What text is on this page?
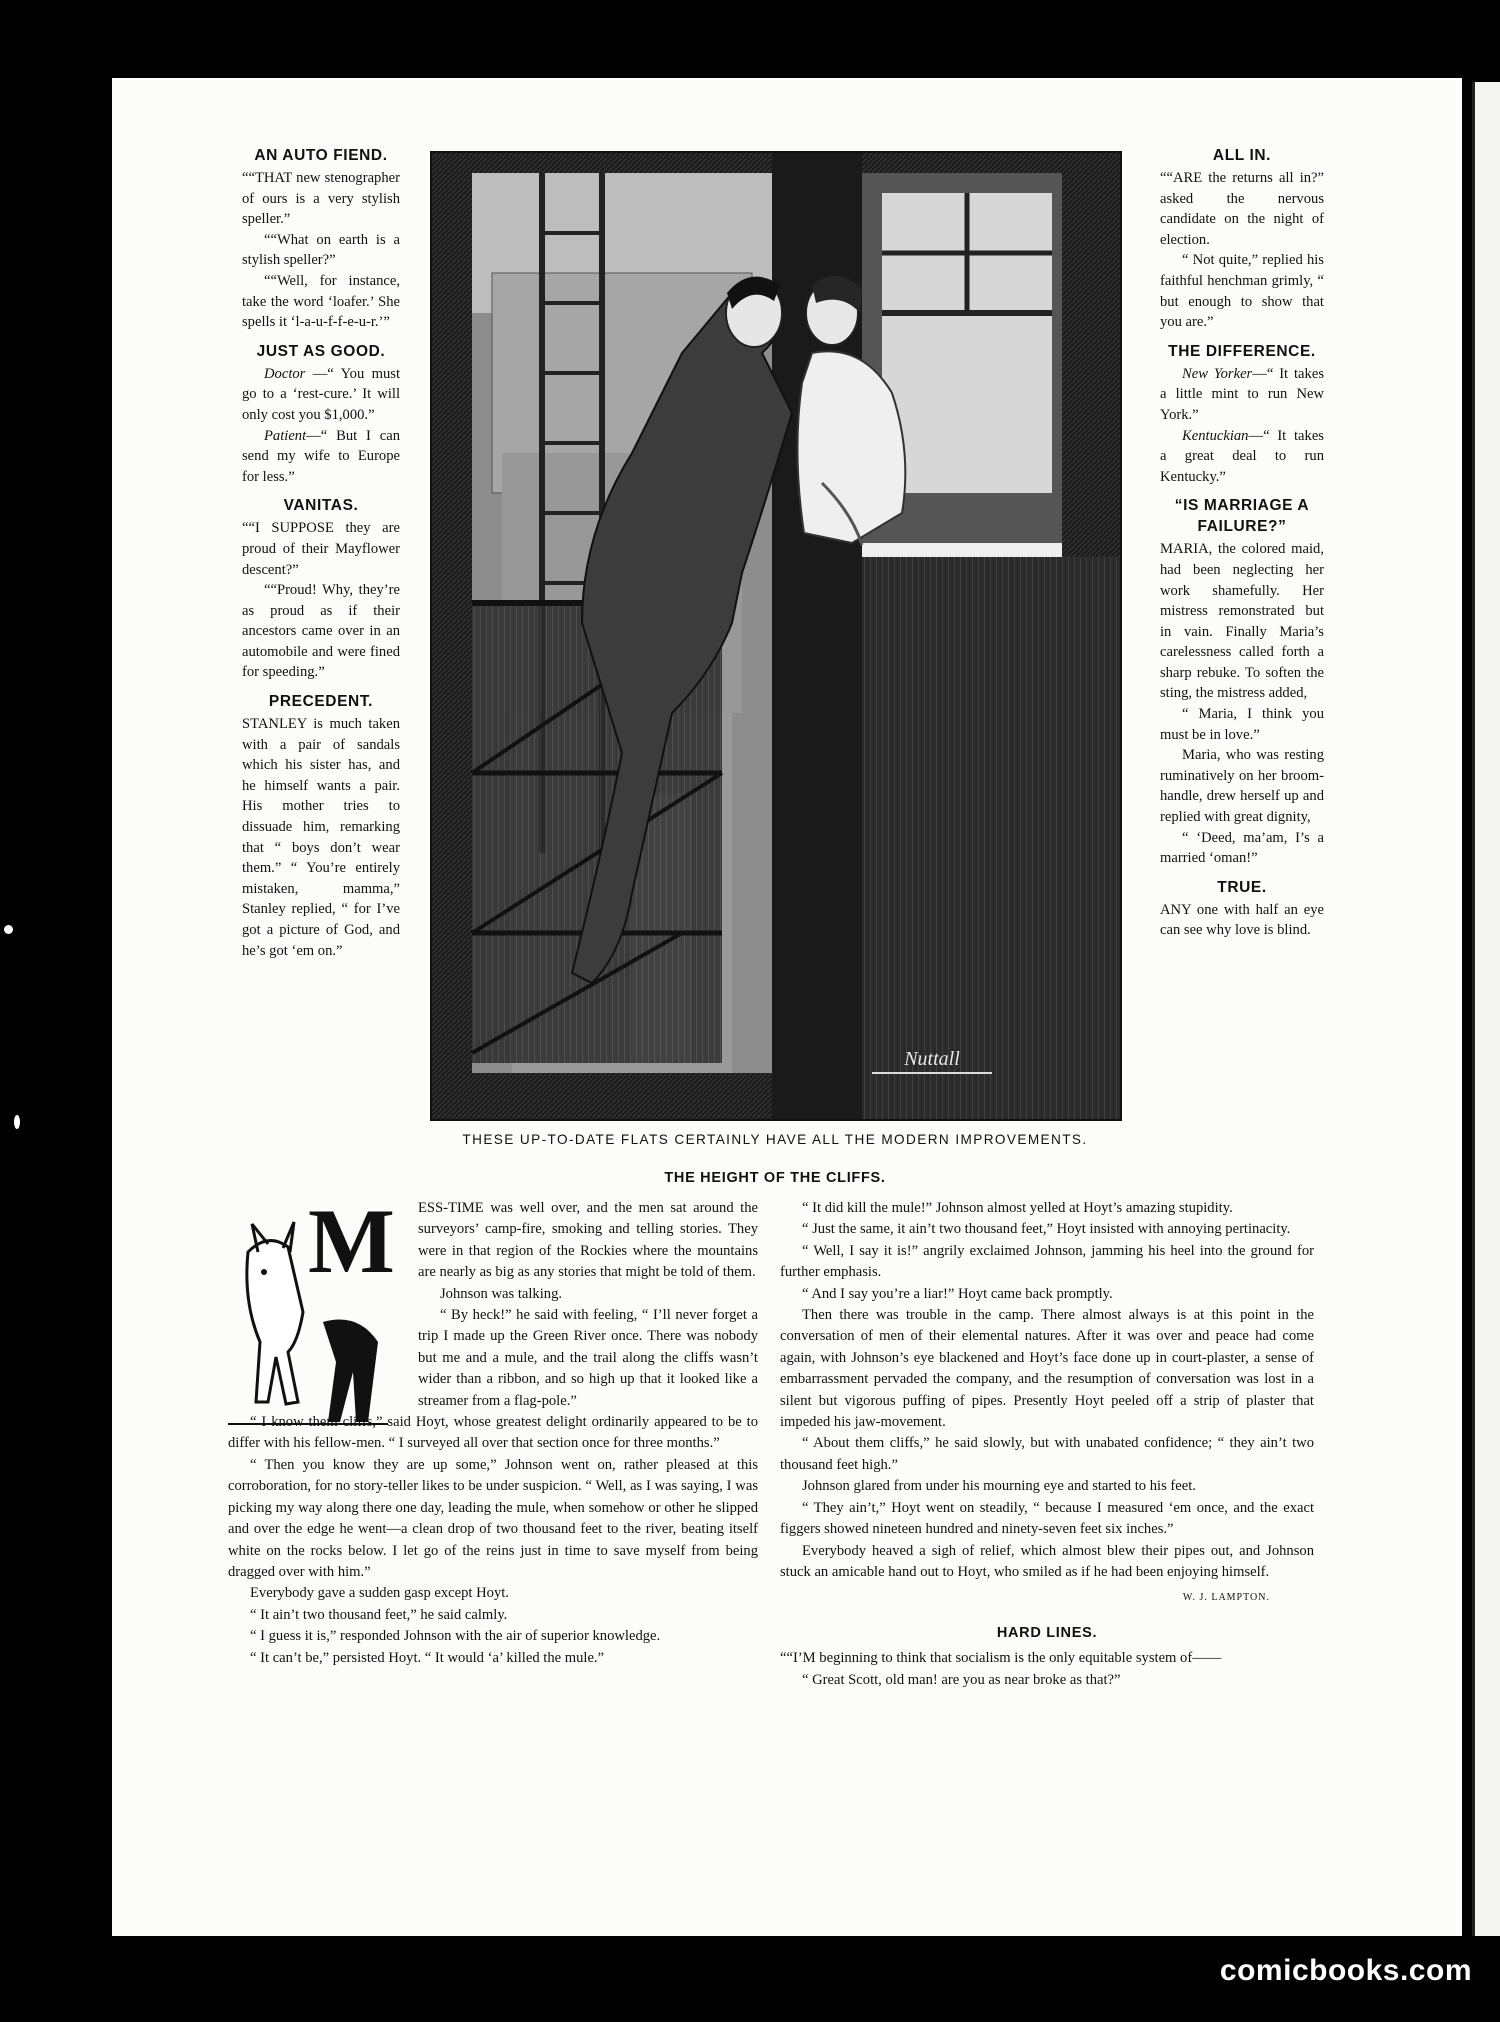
AN AUTO FIEND.

““THAT new stenographer of ours is a very stylish speller.”

““What on earth is a stylish speller?”

““Well, for instance, take the word ‘loafer.’ She spells it ‘l-a-u-f-f-e-u-r.’”

JUST AS GOOD.

Doctor —“ You must go to a ‘rest-cure.’ It will only cost you $1,000.”

Patient—“ But I can send my wife to Europe for less.”

VANITAS.

““I SUPPOSE they are proud of their Mayflower descent?”

““Proud! Why, they’re as proud as if their ancestors came over in an automobile and were fined for speeding.”

PRECEDENT.

STANLEY is much taken with a pair of sandals which his sister has, and he himself wants a pair. His mother tries to dissuade him, remarking that “ boys don’t wear them.” “ You’re entirely mistaken, mamma,” Stanley replied, “ for I’ve got a picture of God, and he’s got ‘em on.”

Nuttall
THESE UP-TO-DATE FLATS CERTAINLY HAVE ALL THE MODERN IMPROVEMENTS.
ALL IN.

““ARE the returns all in?” asked the nervous candidate on the night of election.

“ Not quite,” replied his faithful henchman grimly, “ but enough to show that you are.”

THE DIFFERENCE.

New Yorker—“ It takes a little mint to run New York.”

Kentuckian—“ It takes a great deal to run Kentucky.”

“IS MARRIAGE A FAILURE?”

MARIA, the colored maid, had been neglecting her work shamefully. Her mistress remonstrated but in vain. Finally Maria’s carelessness called forth a sharp rebuke. To soften the sting, the mistress added,

“ Maria, I think you must be in love.”

Maria, who was resting ruminatively on her broom-handle, drew herself up and replied with great dignity,

“ ‘Deed, ma’am, I’s a married ‘oman!”

TRUE.

ANY one with half an eye can see why love is blind.

THE HEIGHT OF THE CLIFFS.
M ESS-TIME was well over, and the men sat around the surveyors’ camp-fire, smoking and telling stories. They were in that region of the Rockies where the mountains are nearly as big as any stories that might be told of them.

Johnson was talking.

“ By heck!” he said with feeling, “ I’ll never forget a trip I made up the Green River once. There was nobody but me and a mule, and the trail along the cliffs wasn’t wider than a ribbon, and so high up that it looked like a streamer from a flag-pole.”

“ I know them cliffs,” said Hoyt, whose greatest delight ordinarily appeared to be to differ with his fellow-men. “ I surveyed all over that section once for three months.”

“ Then you know they are up some,” Johnson went on, rather pleased at this corroboration, for no story-teller likes to be under suspicion. “ Well, as I was saying, I was picking my way along there one day, leading the mule, when somehow or other he slipped and over the edge he went—a clean drop of two thousand feet to the river, beating itself white on the rocks below. I let go of the reins just in time to save myself from being dragged over with him.”

Everybody gave a sudden gasp except Hoyt.

“ It ain’t two thousand feet,” he said calmly.

“ I guess it is,” responded Johnson with the air of superior knowledge.

“ It can’t be,” persisted Hoyt. “ It would ‘a’ killed the mule.”

“ It did kill the mule!” Johnson almost yelled at Hoyt’s amazing stupidity.

“ Just the same, it ain’t two thousand feet,” Hoyt insisted with annoying pertinacity.

“ Well, I say it is!” angrily exclaimed Johnson, jamming his heel into the ground for further emphasis.

“ And I say you’re a liar!” Hoyt came back promptly.

Then there was trouble in the camp. There almost always is at this point in the conversation of men of their elemental natures. After it was over and peace had come again, with Johnson’s eye blackened and Hoyt’s face done up in court-plaster, a sense of embarrassment pervaded the company, and the resumption of conversation was lost in a silent but vigorous puffing of pipes. Presently Hoyt peeled off a strip of plaster that impeded his jaw-movement.

“ About them cliffs,” he said slowly, but with unabated confidence; “ they ain’t two thousand feet high.”

Johnson glared from under his mourning eye and started to his feet.

“ They ain’t,” Hoyt went on steadily, “ because I measured ‘em once, and the exact figgers showed nineteen hundred and ninety-seven feet six inches.”

Everybody heaved a sigh of relief, which almost blew their pipes out, and Johnson stuck an amicable hand out to Hoyt, who smiled as if he had been enjoying himself.

W. J. LAMPTON.
HARD LINES.

““I’M beginning to think that socialism is the only equitable system of——

“ Great Scott, old man! are you as near broke as that?”

comicbooks.com
